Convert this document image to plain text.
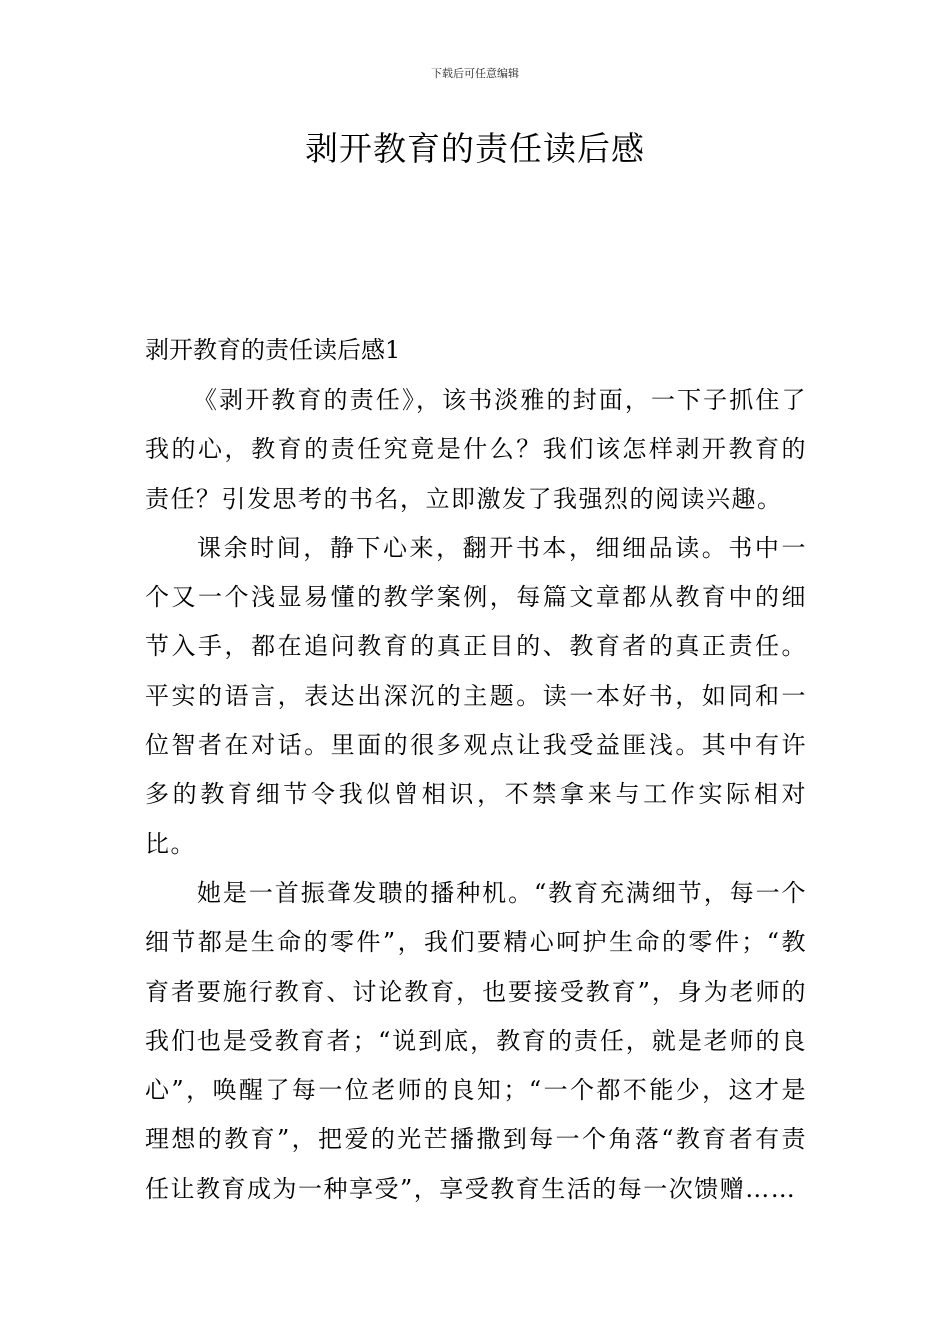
下载后可任意编辑
剥开教育的责任读后感
剥开教育的责任读后感1

《剥开教育的责任》，该书淡雅的封面，一下子抓住了我的心，教育的责任究竟是什么？我们该怎样剥开教育的责任？引发思考的书名，立即激发了我强烈的阅读兴趣。

课余时间，静下心来，翻开书本，细细品读。书中一个又一个浅显易懂的教学案例，每篇文章都从教育中的细节入手，都在追问教育的真正目的、教育者的真正责任。平实的语言，表达出深沉的主题。读一本好书，如同和一位智者在对话。里面的很多观点让我受益匪浅。其中有许多的教育细节令我似曾相识，不禁拿来与工作实际相对比。

她是一首振聋发聩的播种机。“教育充满细节，每一个细节都是生命的零件”，我们要精心呵护生命的零件；“教育者要施行教育、讨论教育，也要接受教育”，身为老师的我们也是受教育者；“说到底，教育的责任，就是老师的良心”，唤醒了每一位老师的良知；“一个都不能少，这才是理想的教育”，把爱的光芒播撒到每一个角落“教育者有责任让教育成为一种享受”，享受教育生活的每一次馈赠……
